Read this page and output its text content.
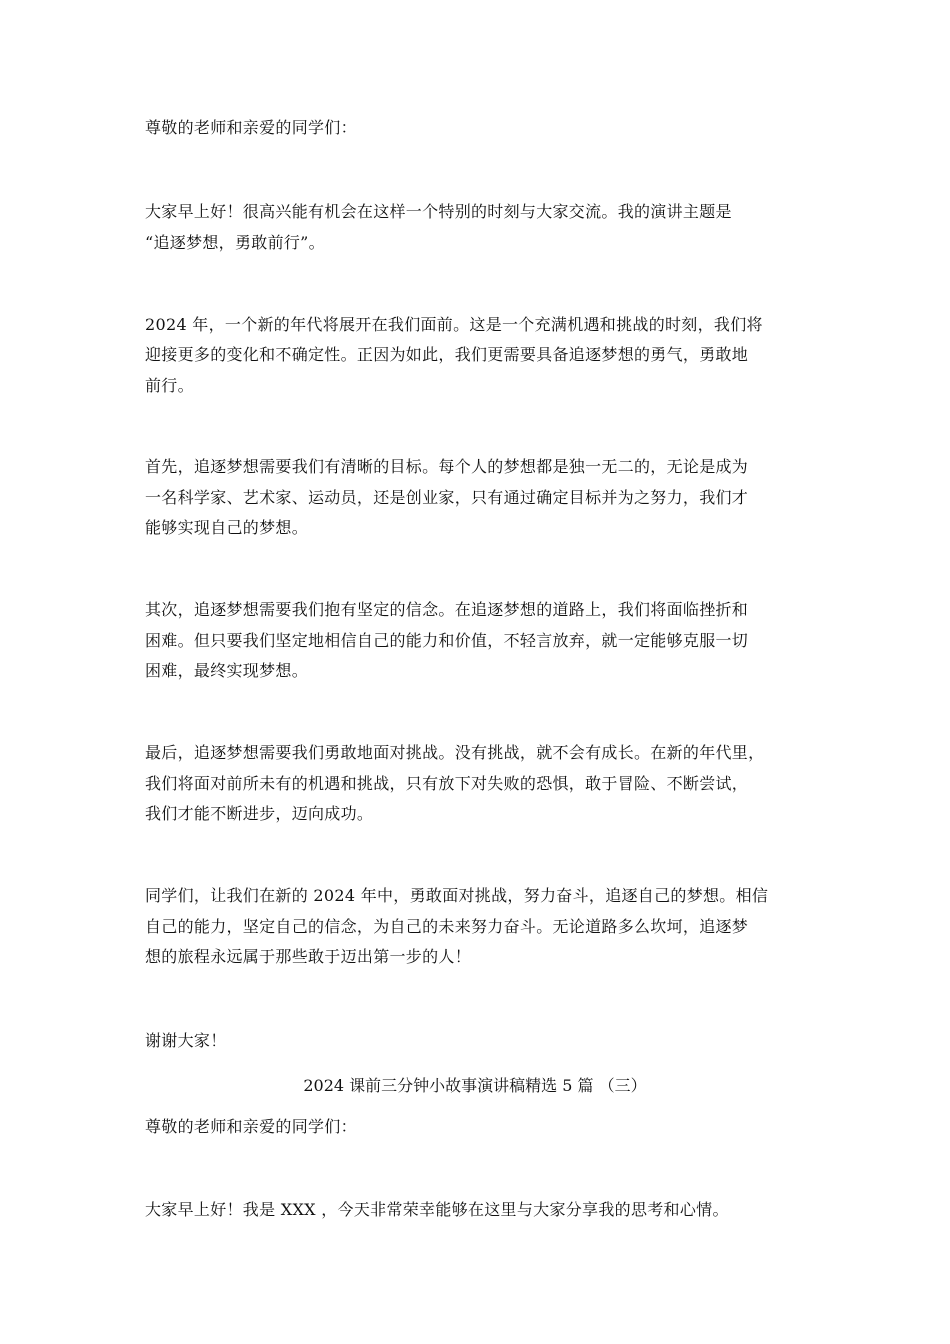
尊敬的老师和亲爱的同学们：
大家早上好！很高兴能有机会在这样一个特别的时刻与大家交流。我的演讲主题是
“追逐梦想，勇敢前行”。
2024 年，一个新的年代将展开在我们面前。这是一个充满机遇和挑战的时刻，我们将
迎接更多的变化和不确定性。正因为如此，我们更需要具备追逐梦想的勇气，勇敢地
前行。
首先，追逐梦想需要我们有清晰的目标。每个人的梦想都是独一无二的，无论是成为
一名科学家、艺术家、运动员，还是创业家，只有通过确定目标并为之努力，我们才
能够实现自己的梦想。
其次，追逐梦想需要我们抱有坚定的信念。在追逐梦想的道路上，我们将面临挫折和
困难。但只要我们坚定地相信自己的能力和价值，不轻言放弃，就一定能够克服一切
困难，最终实现梦想。
最后，追逐梦想需要我们勇敢地面对挑战。没有挑战，就不会有成长。在新的年代里，
我们将面对前所未有的机遇和挑战，只有放下对失败的恐惧，敢于冒险、不断尝试，
我们才能不断进步，迈向成功。
同学们，让我们在新的 2024 年中，勇敢面对挑战，努力奋斗，追逐自己的梦想。相信
自己的能力，坚定自己的信念，为自己的未来努力奋斗。无论道路多么坎坷，追逐梦
想的旅程永远属于那些敢于迈出第一步的人！
谢谢大家！
2024 课前三分钟小故事演讲稿精选 5 篇 （三）
尊敬的老师和亲爱的同学们：
大家早上好！我是 XXX ，今天非常荣幸能够在这里与大家分享我的思考和心情。
